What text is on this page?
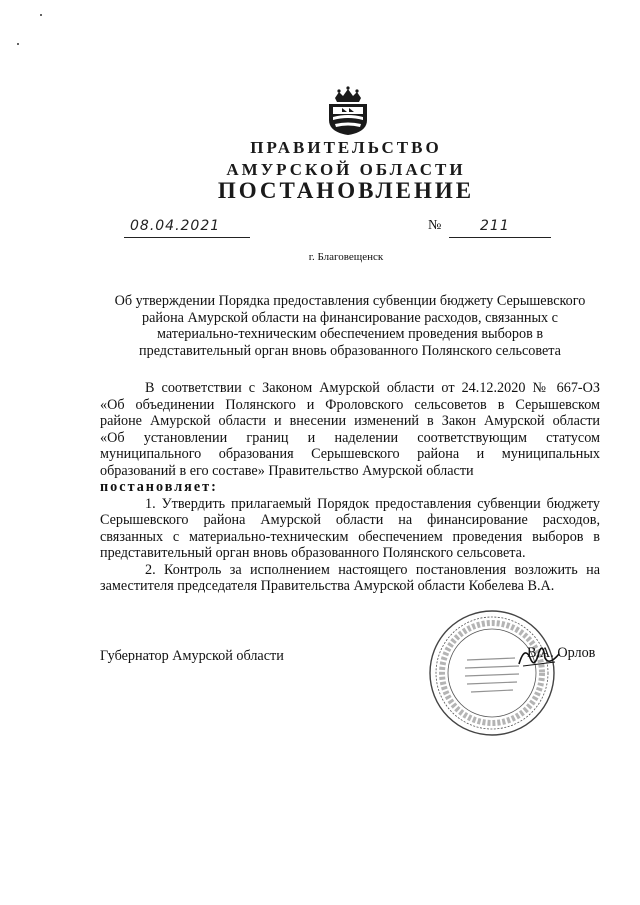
ПРАВИТЕЛЬСТВО
АМУРСКОЙ ОБЛАСТИ
ПОСТАНОВЛЕНИЕ
08.04.2021	№	211
г. Благовещенск
Об утверждении Порядка предоставления субвенции бюджету Серышевского
района Амурской области на финансирование расходов, связанных с
материально-техническим обеспечением проведения выборов в
представительный орган вновь образованного Полянского сельсовета
В соответствии с Законом Амурской области от 24.12.2020 № 667-ОЗ
«Об объединении Полянского и Фроловского сельсоветов в Серышевском
районе Амурской области и внесении изменений в Закон Амурской области
«Об установлении границ и наделении соответствующим статусом
муниципального образования Серышевского района и муниципальных
образований в его составе» Правительство Амурской области
постановляет:
1. Утвердить прилагаемый Порядок предоставления субвенции бюджету
Серышевского района Амурской области на финансирование расходов,
связанных с материально-техническим обеспечением проведения выборов в
представительный орган вновь образованного Полянского сельсовета.
2. Контроль за исполнением настоящего постановления возложить на
заместителя председателя Правительства Амурской области Кобелева В.А.
Губернатор Амурской области	В.А. Орлов
